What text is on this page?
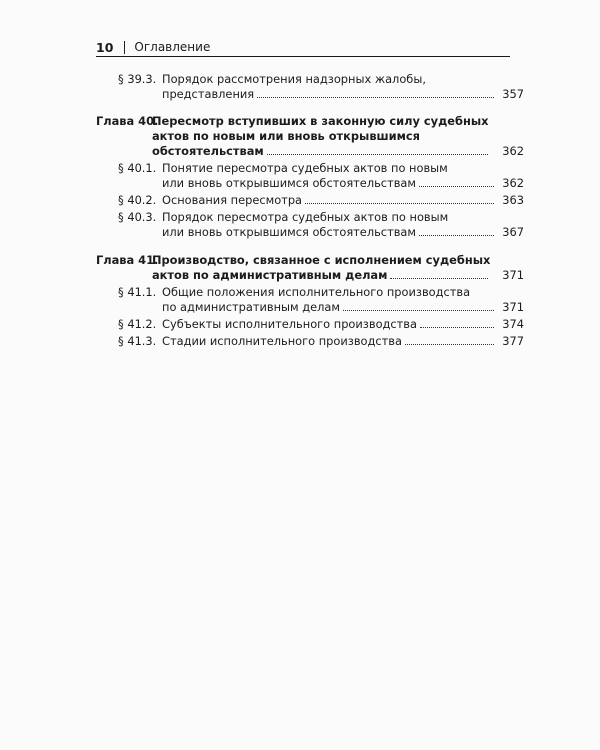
10 Оглавление
§ 39.3. Порядок рассмотрения надзорных жалобы,
представления	357
Глава 40.
Пересмотр вступивших в законную силу судебных
актов по новым или вновь открывшимся
обстоятельствам	362
§ 40.1. Понятие пересмотра судебных актов по новым
или вновь открывшимся обстоятельствам	362
§ 40.2. Основания пересмотра	363
§ 40.3. Порядок пересмотра судебных актов по новым
или вновь открывшимся обстоятельствам	367
Глава 41.
Производство, связанное с исполнением судебных
актов по административным делам	371
§ 41.1. Общие положения исполнительного производства
по административным делам	371
§ 41.2. Субъекты исполнительного производства	374
§ 41.3. Стадии исполнительного производства	377
